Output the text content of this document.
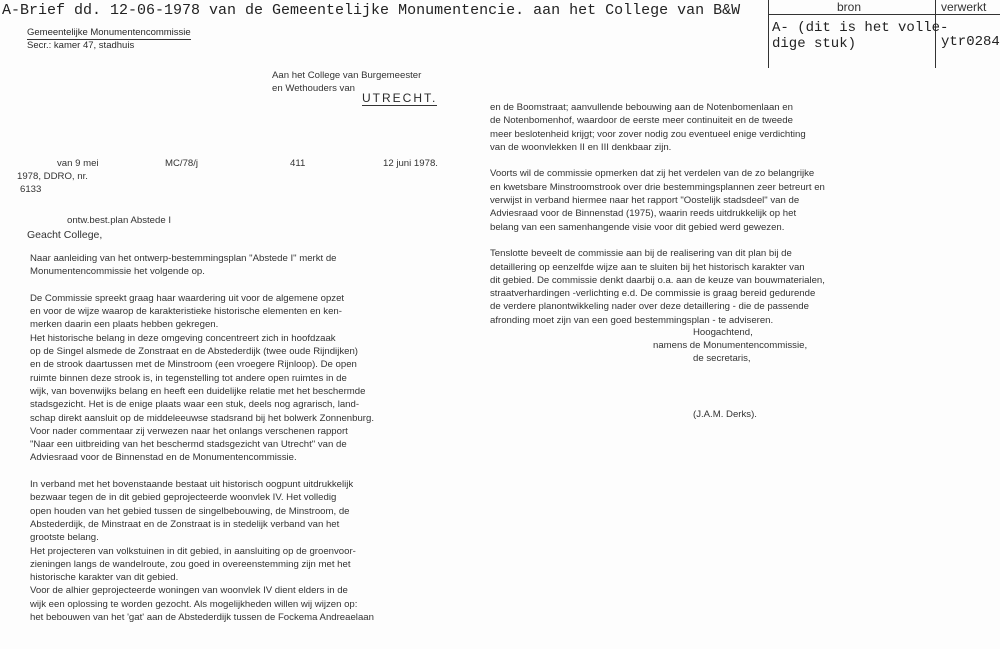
A-Brief dd. 12-06-1978 van de Gemeentelijke Monumentencie. aan het College van B&W	bron	verwerkt
A- (dit is het volle-
dige stuk)	ytr0284
Gemeentelijke Monumentencommissie
Secr.: kamer 47, stadhuis
Aan het College van Burgemeester
en Wethouders van
UTRECHT.
van 9 mei
1978, DDRO, nr.
6133
MC/78/j	411	12 juni 1978.
ontw.best.plan Abstede I
Geacht College,
Naar aanleiding van het ontwerp-bestemmingsplan "Abstede I" merkt de
Monumentencommissie het volgende op.
De Commissie spreekt graag haar waardering uit voor de algemene opzet
en voor de wijze waarop de karakteristieke historische elementen en ken-
merken daarin een plaats hebben gekregen.
Het historische belang in deze omgeving concentreert zich in hoofdzaak
op de Singel alsmede de Zonstraat en de Abstederdijk (twee oude Rijndijken)
en de strook daartussen met de Minstroom (een vroegere Rijnloop). De open
ruimte binnen deze strook is, in tegenstelling tot andere open ruimtes in de
wijk, van bovenwijks belang en heeft een duidelijke relatie met het beschermde
stadsgezicht. Het is de enige plaats waar een stuk, deels nog agrarisch, land-
schap direkt aansluit op de middeleeuwse stadsrand bij het bolwerk Zonnenburg.
Voor nader commentaar zij verwezen naar het onlangs verschenen rapport
"Naar een uitbreiding van het beschermd stadsgezicht van Utrecht" van de
Adviesraad voor de Binnenstad en de Monumentencommissie.
In verband met het bovenstaande bestaat uit historisch oogpunt uitdrukkelijk
bezwaar tegen de in dit gebied geprojecteerde woonvlek IV. Het volledig
open houden van het gebied tussen de singelbebouwing, de Minstroom, de
Abstederdijk, de Minstraat en de Zonstraat is in stedelijk verband van het
grootste belang.
Het projecteren van volkstuinen in dit gebied, in aansluiting op de groenvoor-
zieningen langs de wandelroute, zou goed in overeenstemming zijn met het
historische karakter van dit gebied.
Voor de alhier geprojecteerde woningen van woonvlek IV dient elders in de
wijk een oplossing te worden gezocht. Als mogelijkheden willen wij wijzen op:
het bebouwen van het 'gat' aan de Abstederdijk tussen de Fockema Andreaelaan
en de Boomstraat; aanvullende bebouwing aan de Notenbomenlaan en
de Notenbomenhof, waardoor de eerste meer continuiteit en de tweede
meer beslotenheid krijgt; voor zover nodig zou eventueel enige verdichting
van de woonvlekken II en III denkbaar zijn.
Voorts wil de commissie opmerken dat zij het verdelen van de zo belangrijke
en kwetsbare Minstroomstrook over drie bestemmingsplannen zeer betreurt en
verwijst in verband hiermee naar het rapport "Oostelijk stadsdeel" van de
Adviesraad voor de Binnenstad (1975), waarin reeds uitdrukkelijk op het
belang van een samenhangende visie voor dit gebied werd gewezen.
Tenslotte beveelt de commissie aan bij de realisering van dit plan bij de
detaillering op eenzelfde wijze aan te sluiten bij het historisch karakter van
dit gebied. De commissie denkt daarbij o.a. aan de keuze van bouwmaterialen,
straatverhardingen -verlichting e.d. De commissie is graag bereid gedurende
de verdere planontwikkeling nader over deze detaillering - die de passende
afronding moet zijn van een goed bestemmingsplan - te adviseren.
Hoogachtend,
namens de Monumentencommissie,
de secretaris,
(J.A.M. Derks).
